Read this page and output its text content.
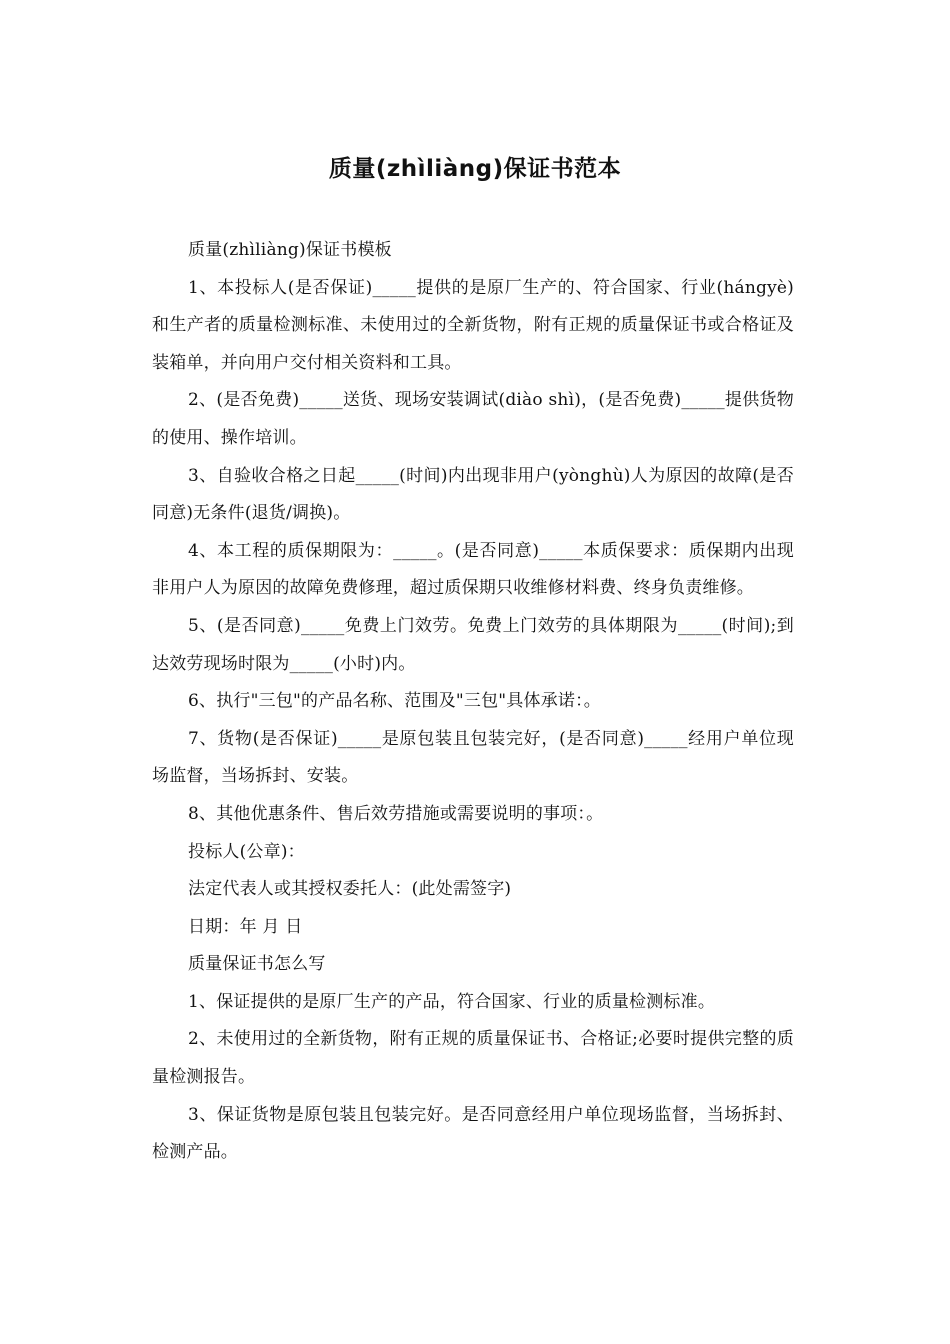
质量(zhìliàng)保证书范本

质量(zhìliàng)保证书模板

1、本投标人(是否保证)_____提供的是原厂生产的、符合国家、行业(hángyè)和生产者的质量检测标准、未使用过的全新货物，附有正规的质量保证书或合格证及装箱单，并向用户交付相关资料和工具。

2、(是否免费)_____送货、现场安装调试(diào shì)，(是否免费)_____提供货物的使用、操作培训。

3、自验收合格之日起_____(时间)内出现非用户(yònghù)人为原因的故障(是否同意)无条件(退货/调换)。

4、本工程的质保期限为：_____。(是否同意)_____本质保要求：质保期内出现非用户人为原因的故障免费修理，超过质保期只收维修材料费、终身负责维修。

5、(是否同意)_____免费上门效劳。免费上门效劳的具体期限为_____(时间);到达效劳现场时限为_____(小时)内。

6、执行"三包"的产品名称、范围及"三包"具体承诺：。

7、货物(是否保证)_____是原包装且包装完好，(是否同意)_____经用户单位现场监督，当场拆封、安装。

8、其他优惠条件、售后效劳措施或需要说明的事项：。

投标人(公章)：

法定代表人或其授权委托人：(此处需签字)

日期：年 月 日

质量保证书怎么写

1、保证提供的是原厂生产的产品，符合国家、行业的质量检测标准。

2、未使用过的全新货物，附有正规的质量保证书、合格证;必要时提供完整的质量检测报告。

3、保证货物是原包装且包装完好。是否同意经用户单位现场监督，当场拆封、检测产品。
